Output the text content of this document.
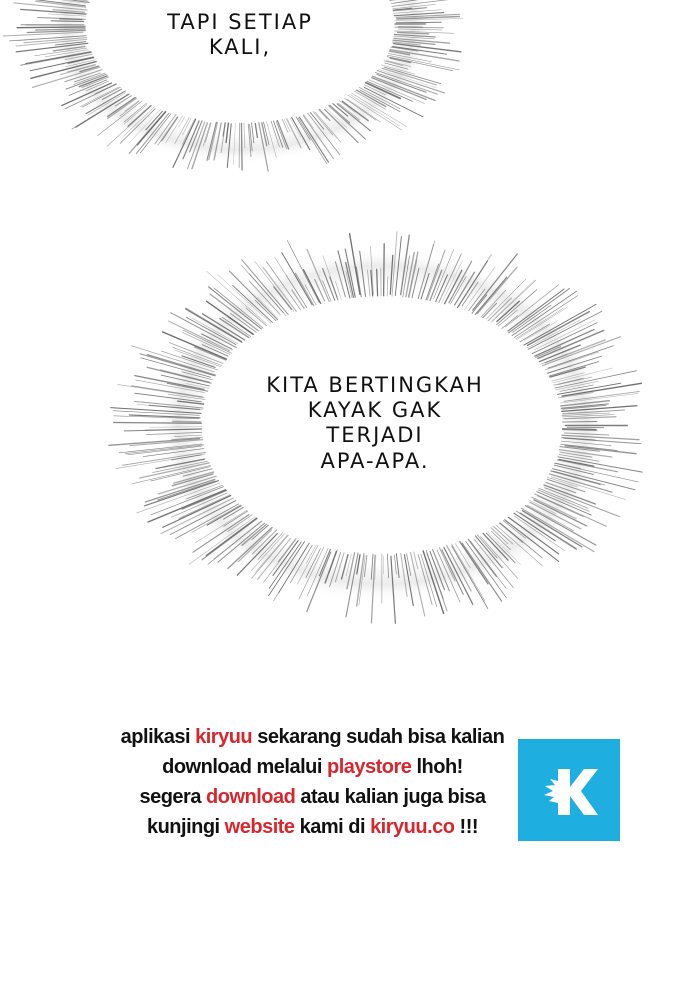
TAPI SETIAP
KALI,
KITA BERTINGKAH
KAYAK GAK
TERJADI
APA-APA.
aplikasi kiryuu sekarang sudah bisa kalian
download melalui playstore lhoh!
segera download atau kalian juga bisa
kunjingi website kami di kiryuu.co !!!
